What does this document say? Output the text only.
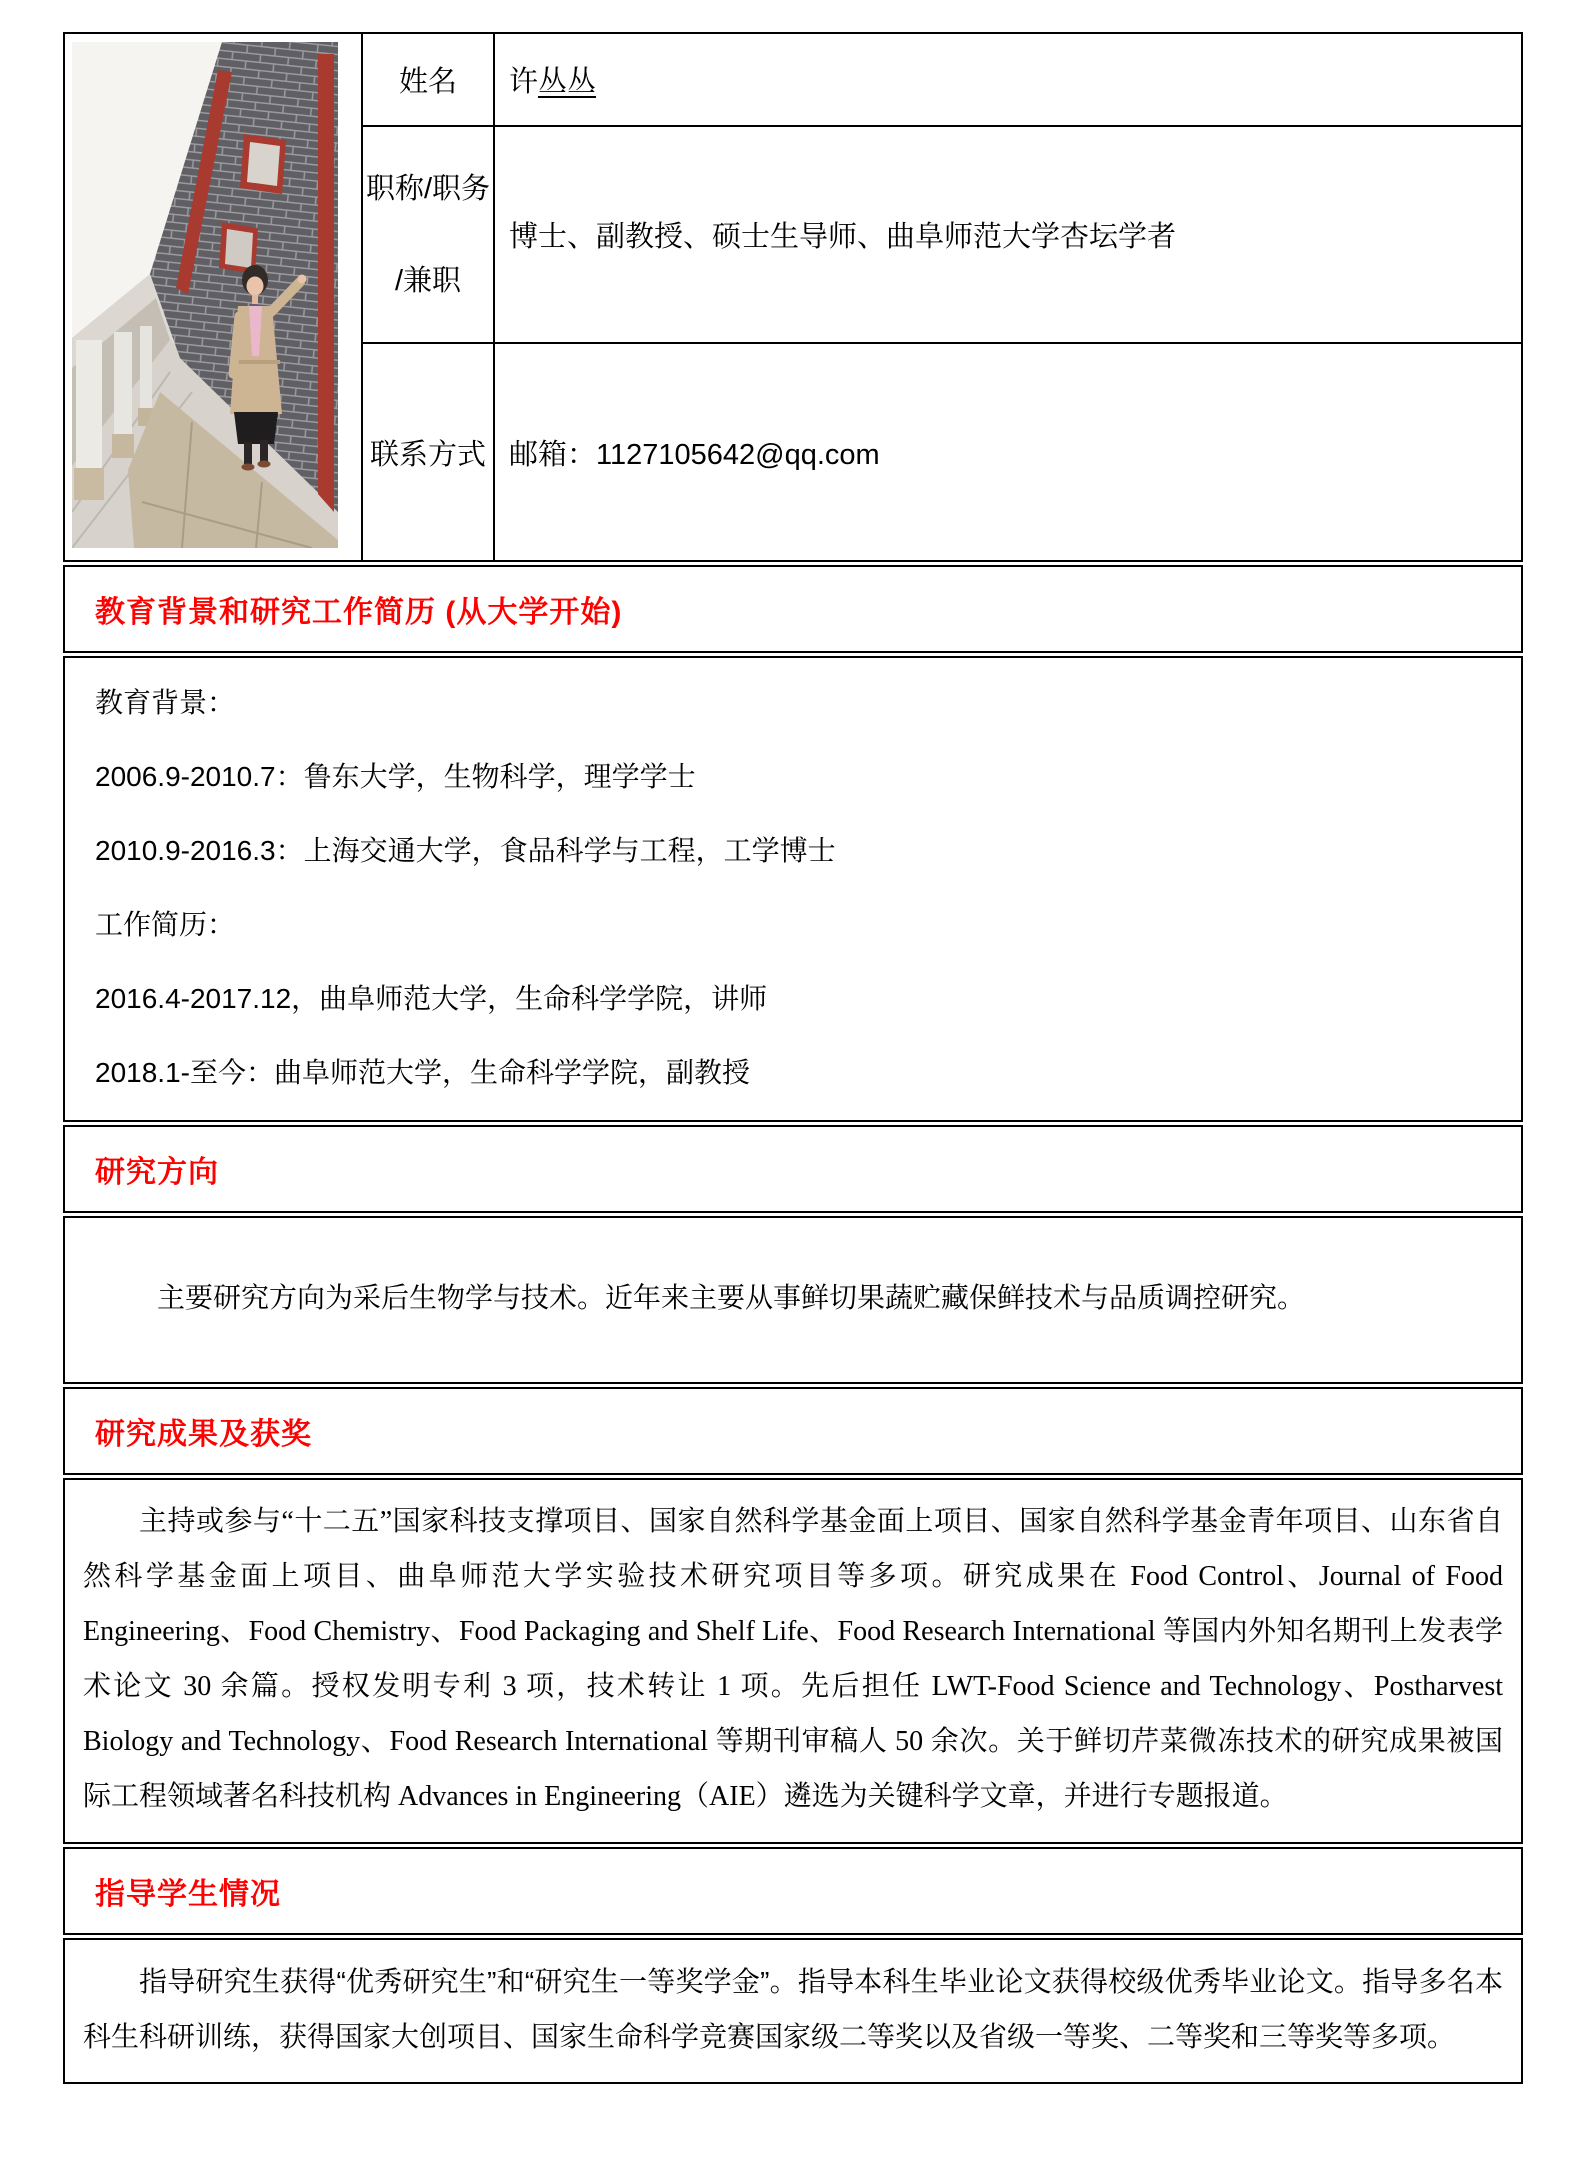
	姓名	许丛丛

	职称/职务
/兼职	博士、副教授、硕士生导师、曲阜师范大学杏坛学者
	联系方式	邮箱：1127105642@qq.com
教育背景和研究工作简历 (从大学开始)
教育背景：
2006.9-2010.7：鲁东大学，生物科学，理学学士
2010.9-2016.3：上海交通大学，食品科学与工程，工学博士
工作简历：
2016.4-2017.12，曲阜师范大学，生命科学学院，讲师
2018.1-至今：曲阜师范大学，生命科学学院，副教授
研究方向

主要研究方向为采后生物学与技术。近年来主要从事鲜切果蔬贮藏保鲜技术与品质调控研究。

研究成果及获奖

主持或参与“十二五”国家科技支撑项目、国家自然科学基金面上项目、国家自然科学基金青年项目、山东省自然科学基金面上项目、曲阜师范大学实验技术研究项目等多项。研究成果在 Food Control、Journal of Food Engineering、Food Chemistry、Food Packaging and Shelf Life、Food Research International 等国内外知名期刊上发表学术论文 30 余篇。授权发明专利 3 项，技术转让 1 项。先后担任 LWT-Food Science and Technology、Postharvest Biology and Technology、Food Research International 等期刊审稿人 50 余次。关于鲜切芹菜微冻技术的研究成果被国际工程领域著名科技机构 Advances in Engineering（AIE）遴选为关键科学文章，并进行专题报道。

指导学生情况

指导研究生获得“优秀研究生”和“研究生一等奖学金”。指导本科生毕业论文获得校级优秀毕业论文。指导多名本科生科研训练，获得国家大创项目、国家生命科学竞赛国家级二等奖以及省级一等奖、二等奖和三等奖等多项。
